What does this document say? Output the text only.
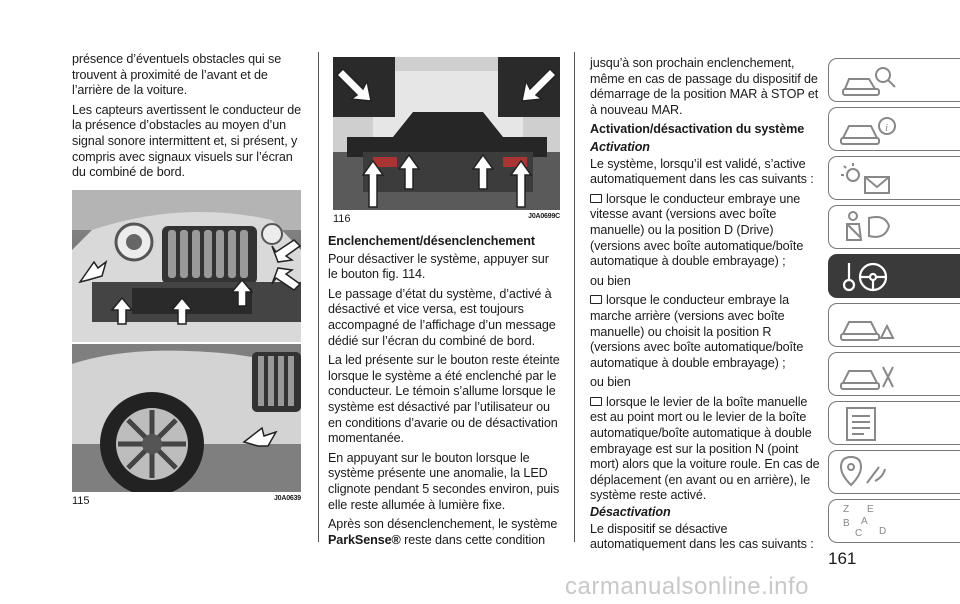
présence d’éventuels obstacles qui se trouvent à proximité de l’avant et de l’arrière de la voiture.

Les capteurs avertissent le conducteur de la présence d’obstacles au moyen d’un signal sonore intermittent et, si présent, y compris avec signaux visuels sur l’écran du combiné de bord.

115	J0A0639
116	J0A0699C
Enclenchement/désenclenchement

Pour désactiver le système, appuyer sur le bouton fig. 114.

Le passage d’état du système, d’activé à désactivé et vice versa, est toujours accompagné de l’affichage d’un message dédié sur l’écran du combiné de bord.

La led présente sur le bouton reste éteinte lorsque le système a été enclenché par le conducteur. Le témoin s’allume lorsque le système est désactivé par l’utilisateur ou en conditions d’avarie ou de désactivation momentanée.

En appuyant sur le bouton lorsque le système présente une anomalie, la LED clignote pendant 5 secondes environ, puis elle reste allumée à lumière fixe.

Après son désenclenchement, le système
ParkSense® reste dans cette condition

jusqu’à son prochain enclenchement, même en cas de passage du dispositif de démarrage de la position MAR à STOP et à nouveau MAR.

Activation/désactivation du système
Activation

Le système, lorsqu’il est validé, s’active automatiquement dans les cas suivants :

lorsque le conducteur embraye une vitesse avant (versions avec boîte manuelle) ou la position D (Drive) (versions avec boîte automatique/boîte automatique à double embrayage) ;

ou bien

lorsque le conducteur embraye la marche arrière (versions avec boîte manuelle) ou choisit la position R (versions avec boîte automatique/boîte automatique à double embrayage) ;

ou bien

lorsque le levier de la boîte manuelle est au point mort ou le levier de la boîte automatique/boîte automatique à double embrayage est sur la position N (point mort) alors que la voiture roule. En cas de déplacement (en avant ou en arrière), le système reste activé.

Désactivation

Le dispositif se désactive automatiquement dans les cas suivants :

i
Z E
B
C
A
D
161
carmanualsonline.info
